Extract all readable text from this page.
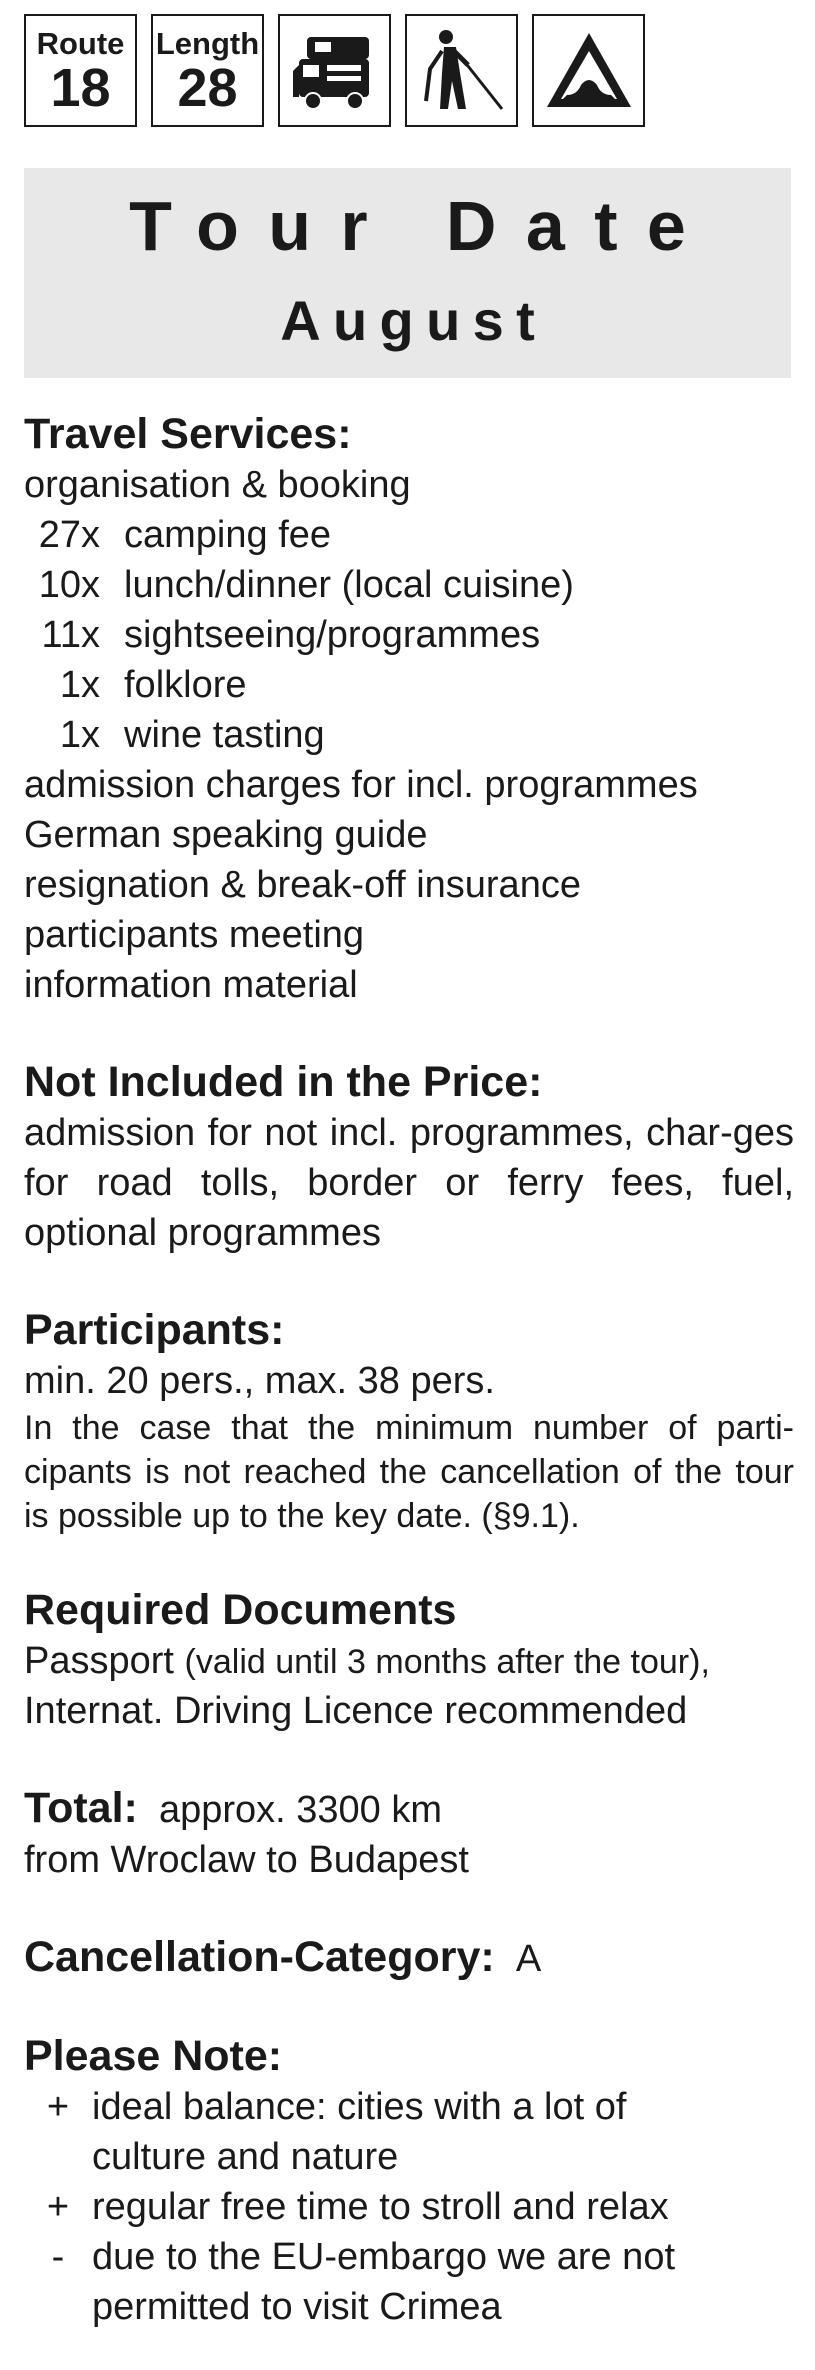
Route
18
Length
28
Tour Date
August
Travel Services:
organisation & booking
27x camping fee
10x lunch/dinner (local cuisine)
11x sightseeing/programmes
1x folklore
1x wine tasting
admission charges for incl. programmes
German speaking guide
resignation & break-off insurance
participants meeting
information material
Not Included in the Price:
admission for not incl. programmes, char-ges for road tolls, border or ferry fees, fuel, optional programmes
Participants:
min. 20 pers., max. 38 pers.
In the case that the minimum number of parti-cipants is not reached the cancellation of the tour is possible up to the key date. (§9.1).
Required Documents
Passport (valid until 3 months after the tour),
Internat. Driving Licence recommended
Total: approx. 3300 km
from Wroclaw to Budapest
Cancellation-Category: A
Please Note:
+ ideal balance: cities with a lot of
culture and nature
+ regular free time to stroll and relax
- due to the EU-embargo we are not
permitted to visit Crimea
